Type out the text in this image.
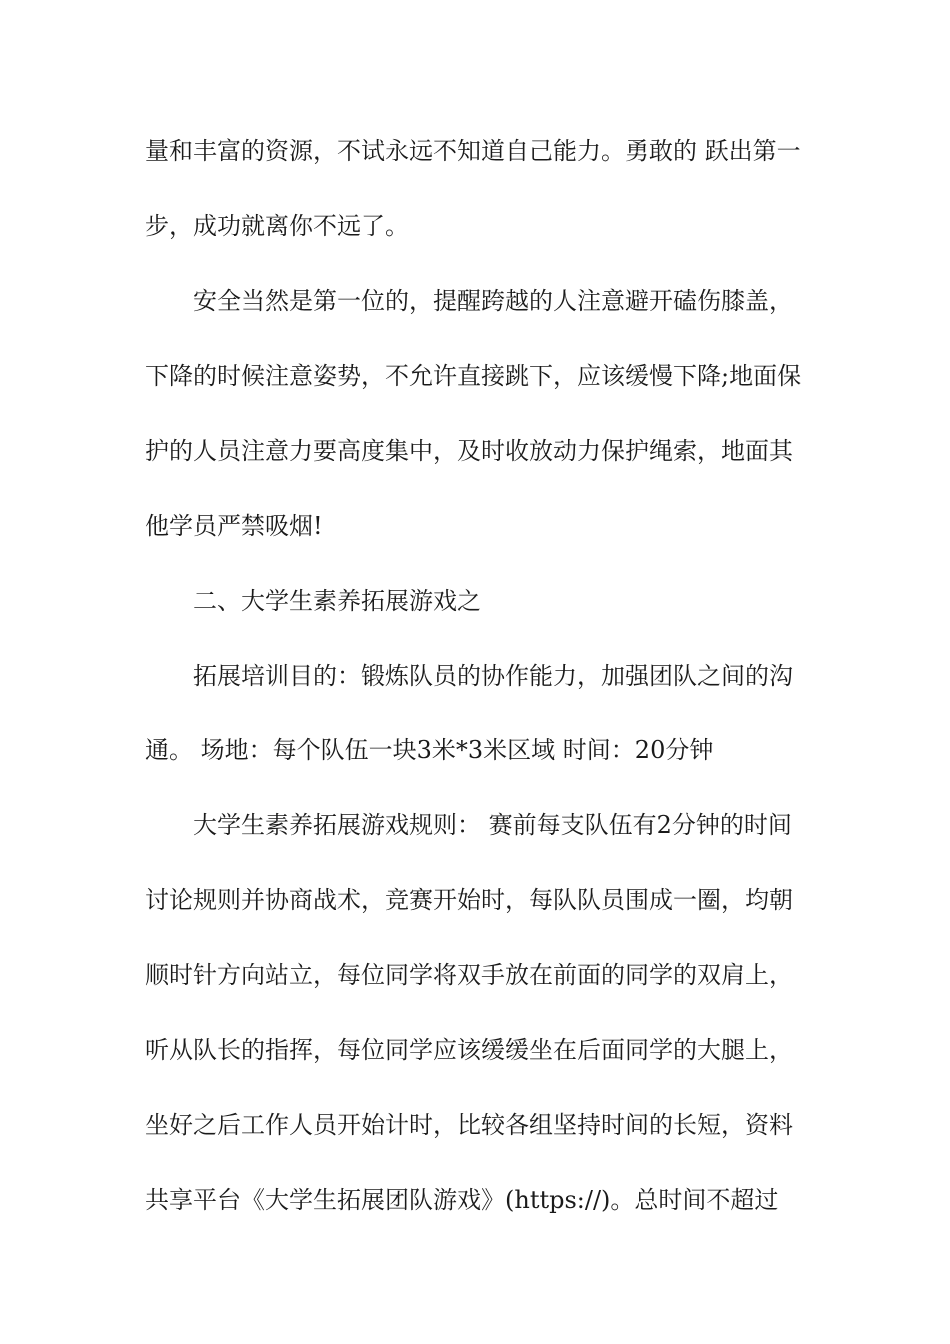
量和丰富的资源，不试永远不知道自己能力。勇敢的 跃出第一
步，成功就离你不远了。
安全当然是第一位的，提醒跨越的人注意避开磕伤膝盖，
下降的时候注意姿势，不允许直接跳下，应该缓慢下降;地面保
护的人员注意力要高度集中，及时收放动力保护绳索，地面其
他学员严禁吸烟!
二、大学生素养拓展游戏之
拓展培训目的：锻炼队员的协作能力，加强团队之间的沟
通。 场地：每个队伍一块3米*3米区域 时间：20分钟
大学生素养拓展游戏规则： 赛前每支队伍有2分钟的时间
讨论规则并协商战术，竞赛开始时，每队队员围成一圈，均朝
顺时针方向站立，每位同学将双手放在前面的同学的双肩上，
听从队长的指挥，每位同学应该缓缓坐在后面同学的大腿上，
坐好之后工作人员开始计时，比较各组坚持时间的长短，资料
共享平台《大学生拓展团队游戏》(https://)。总时间不超过
